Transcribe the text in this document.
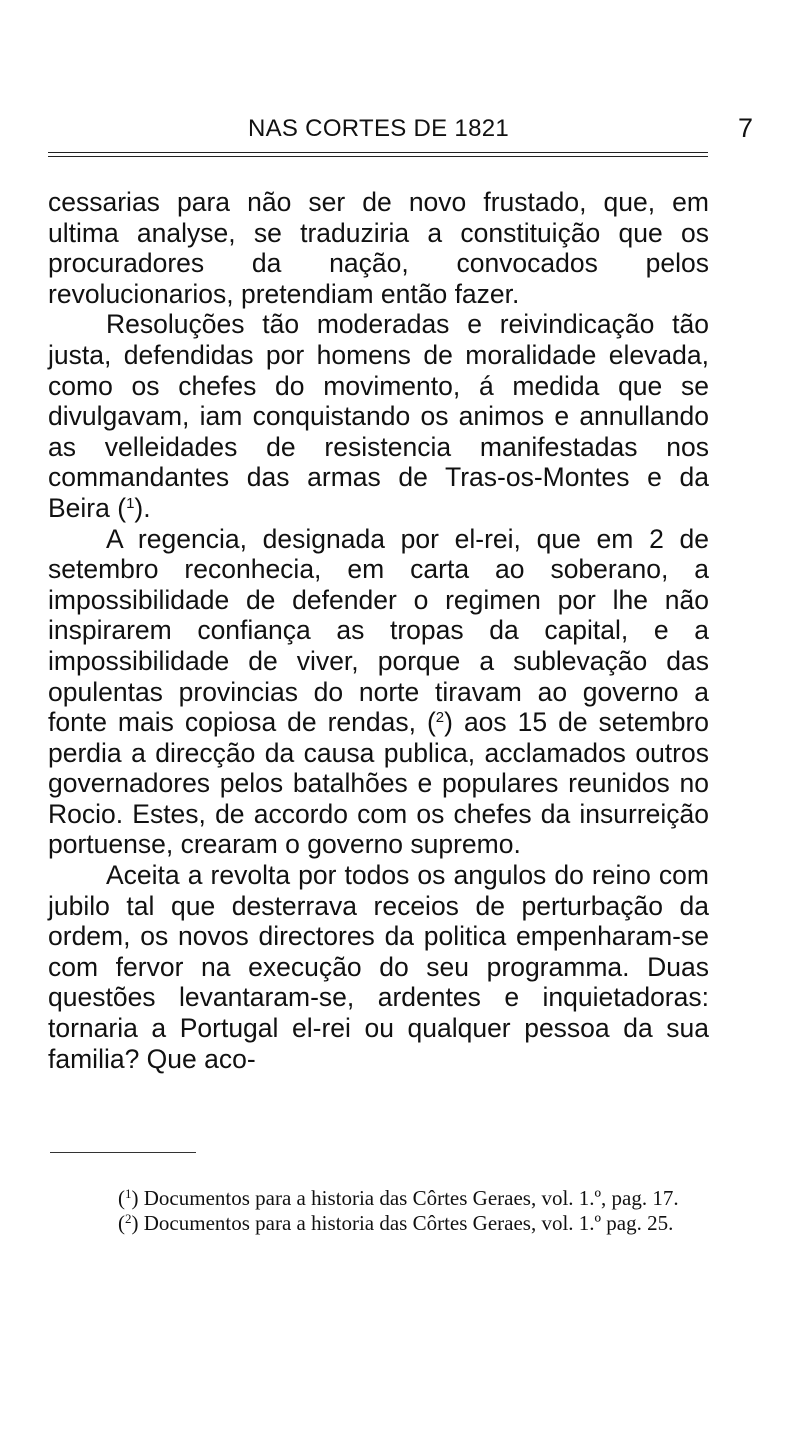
NAS CORTES DE 1821	7

cessarias para não ser de novo frustado, que, em ultima analyse, se traduziria a constituição que os procuradores da nação, convocados pelos revolucionarios, pretendiam então fazer.

Resoluções tão moderadas e reivindicação tão justa, defendidas por homens de moralidade elevada, como os chefes do movimento, á medida que se divulgavam, iam conquistando os animos e annullando as velleidades de resistencia manifestadas nos commandantes das armas de Tras-os-Montes e da Beira ($^1$).

A regencia, designada por el-rei, que em 2 de setembro reconhecia, em carta ao soberano, a impossibilidade de defender o regimen por lhe não inspirarem confiança as tropas da capital, e a impossibilidade de viver, porque a sublevação das opulentas provincias do norte tiravam ao governo a fonte mais copiosa de rendas, ($^2$) aos 15 de setembro perdia a direcção da causa publica, acclamados outros governadores pelos batalhões e populares reunidos no Rocio. Estes, de accordo com os chefes da insurreição portuense, crearam o governo supremo.

Aceita a revolta por todos os angulos do reino com jubilo tal que desterrava receios de perturbação da ordem, os novos directores da politica empenharam-se com fervor na execução do seu programma. Duas questões levantaram-se, ardentes e inquietadoras: tornaria a Portugal el-rei ou qualquer pessoa da sua familia? Que aco-

($^1$) Documentos para a historia das Côrtes Geraes, vol. 1.º, pag. 17.

($^2$) Documentos para a historia das Côrtes Geraes, vol. 1.º pag. 25.
